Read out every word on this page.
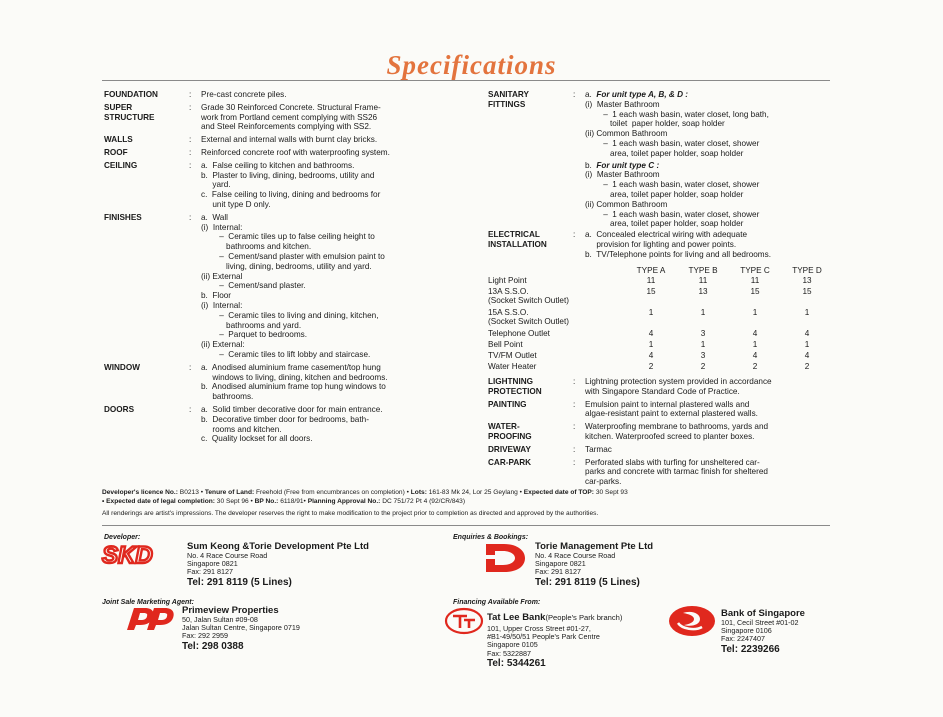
Specifications
FOUNDATION	: Pre-cast concrete piles.
SUPER
STRUCTURE
: Grade 30 Reinforced Concrete. Structural Frame-
work from Portland cement complying with SS26
and Steel Reinforcements complying with SS2.
WALLS	: External and internal walls with burnt clay bricks.
ROOF	: Reinforced concrete roof with waterproofing system.
CEILING	: a.  False ceiling to kitchen and bathrooms.
b.  Plaster to living, dining, bedrooms, utility and
yard.
c.  False ceiling to living, dining and bedrooms for
unit type D only.
FINISHES	: a.  Wall
(i)  Internal:
–  Ceramic tiles up to false ceiling height to
bathrooms and kitchen.
–  Cement/sand plaster with emulsion paint to
living, dining, bedrooms, utility and yard.
(ii) External
–  Cement/sand plaster.
b.  Floor
(i)  Internal:
–  Ceramic tiles to living and dining, kitchen,
bathrooms and yard.
–  Parquet to bedrooms.
(ii) External:
–  Ceramic tiles to lift lobby and staircase.
WINDOW	: a.  Anodised aluminium frame casement/top hung
windows to living, dining, kitchen and bedrooms.
b.  Anodised aluminium frame top hung windows to
bathrooms.
DOORS	: a.  Solid timber decorative door for main entrance.
b.  Decorative timber door for bedrooms, bath-
rooms and kitchen.
c.  Quality lockset for all doors.
SANITARY
FITTINGS
: a. For unit type A, B, & D :
(i)  Master Bathroom
–  1 each wash basin, water closet, long bath,
toilet  paper holder, soap holder
(ii) Common Bathroom
–  1 each wash basin, water closet, shower
area, toilet paper holder, soap holder
b. For unit type C :
(i)  Master Bathroom
–  1 each wash basin, water closet, shower
area, toilet paper holder, soap holder
(ii) Common Bathroom
–  1 each wash basin, water closet, shower
area, toilet paper holder, soap holder
ELECTRICAL
INSTALLATION
: a.  Concealed electrical wiring with adequate
provision for lighting and power points.
b.  TV/Telephone points for living and all bedrooms.
	TYPE A	TYPE B	TYPE C	TYPE D

Light Point	11	11	11	13

13A S.S.O.
(Socket Switch Outlet)	15	13	15	15

15A S.S.O.
(Socket Switch Outlet)	1	1	1	1

Telephone Outlet	4	3	4	4

Bell Point	1	1	1	1

TV/FM Outlet	4	3	4	4

Water Heater	2	2	2	2
LIGHTNING
PROTECTION
: Lightning protection system provided in accordance
with Singapore Standard Code of Practice.
PAINTING	: Emulsion paint to internal plastered walls and
algae-resistant paint to external plastered walls.
WATER-
PROOFING
: Waterproofing membrane to bathrooms, yards and
kitchen. Waterproofed screed to planter boxes.
DRIVEWAY	: Tarmac
CAR-PARK	: Perforated slabs with turfing for unsheltered car-
parks and concrete with tarmac finish for sheltered
car-parks.
Developer's licence No.: B0213 • Tenure of Land: Freehold (Free from encumbrances on completion) • Lots: 161-83 Mk 24, Lor 25 Geylang • Expected date of TOP: 30 Sept 93
• Expected date of legal completion: 30 Sept 96 • BP No.: 6118/91• Planning Approval No.: DC 751/72 Pt 4 (92/CR/843)
All renderings are artist's impressions. The developer reserves the right to make modification to the project prior to completion as directed and approved by the authorities.
Developer:
SKD	Sum Keong &Torie Development Pte Ltd
No. 4 Race Course Road
Singapore 0821
Fax: 291 8127
Tel: 291 8119 (5 Lines)
Enquiries & Bookings:
Torie Management Pte Ltd
No. 4 Race Course Road
Singapore 0821
Fax: 291 8127
Tel: 291 8119 (5 Lines)
Joint Sale Marketing Agent:
Primeview Properties
50, Jalan Sultan #09-08
Jalan Sultan Centre, Singapore 0719
Fax: 292 2959
Tel: 298 0388
Financing Available From:
Tat Lee Bank(People's Park branch)
101, Upper Cross Street #01-27,
#B1-49/50/51 People's Park Centre
Singapore 0105
Fax: 5322887
Tel: 5344261
Bank of Singapore
101, Cecil Street #01-02
Singapore 0106
Fax: 2247407
Tel: 2239266
